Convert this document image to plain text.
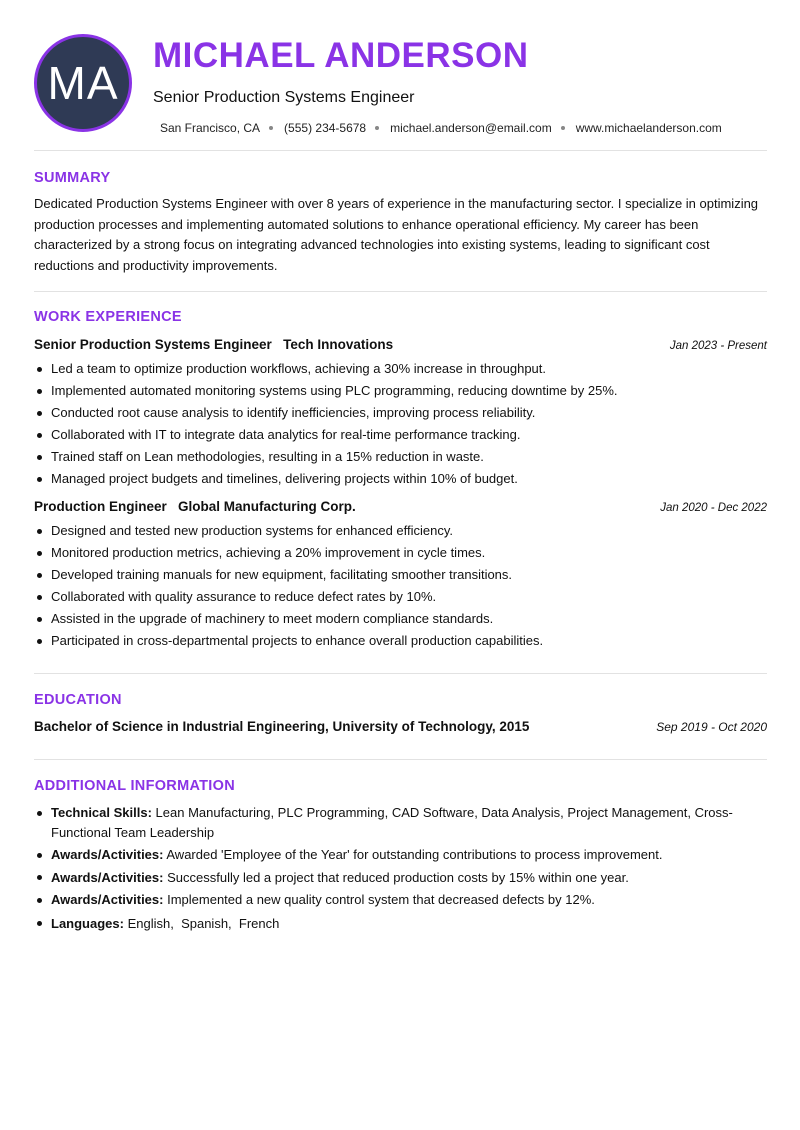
MA
MICHAEL ANDERSON
Senior Production Systems Engineer
San Francisco, CA (555) 234-5678 michael.anderson@email.com www.michaelanderson.com
SUMMARY
Dedicated Production Systems Engineer with over 8 years of experience in the manufacturing sector. I specialize in optimizing production processes and implementing automated solutions to enhance operational efficiency. My career has been characterized by a strong focus on integrating advanced technologies into existing systems, leading to significant cost reductions and productivity improvements.
WORK EXPERIENCE
Senior Production Systems Engineer Tech Innovations	Jan 2023 - Present
Led a team to optimize production workflows, achieving a 30% increase in throughput.
Implemented automated monitoring systems using PLC programming, reducing downtime by 25%.
Conducted root cause analysis to identify inefficiencies, improving process reliability.
Collaborated with IT to integrate data analytics for real-time performance tracking.
Trained staff on Lean methodologies, resulting in a 15% reduction in waste.
Managed project budgets and timelines, delivering projects within 10% of budget.
Production Engineer Global Manufacturing Corp.	Jan 2020 - Dec 2022
Designed and tested new production systems for enhanced efficiency.
Monitored production metrics, achieving a 20% improvement in cycle times.
Developed training manuals for new equipment, facilitating smoother transitions.
Collaborated with quality assurance to reduce defect rates by 10%.
Assisted in the upgrade of machinery to meet modern compliance standards.
Participated in cross-departmental projects to enhance overall production capabilities.
EDUCATION
Bachelor of Science in Industrial Engineering, University of Technology, 2015	Sep 2019 - Oct 2020
ADDITIONAL INFORMATION
Technical Skills: Lean Manufacturing, PLC Programming, CAD Software, Data Analysis, Project Management, Cross-Functional Team Leadership
Awards/Activities: Awarded 'Employee of the Year' for outstanding contributions to process improvement.
Awards/Activities: Successfully led a project that reduced production costs by 15% within one year.
Awards/Activities: Implemented a new quality control system that decreased defects by 12%.
Languages: English,  Spanish,  French
